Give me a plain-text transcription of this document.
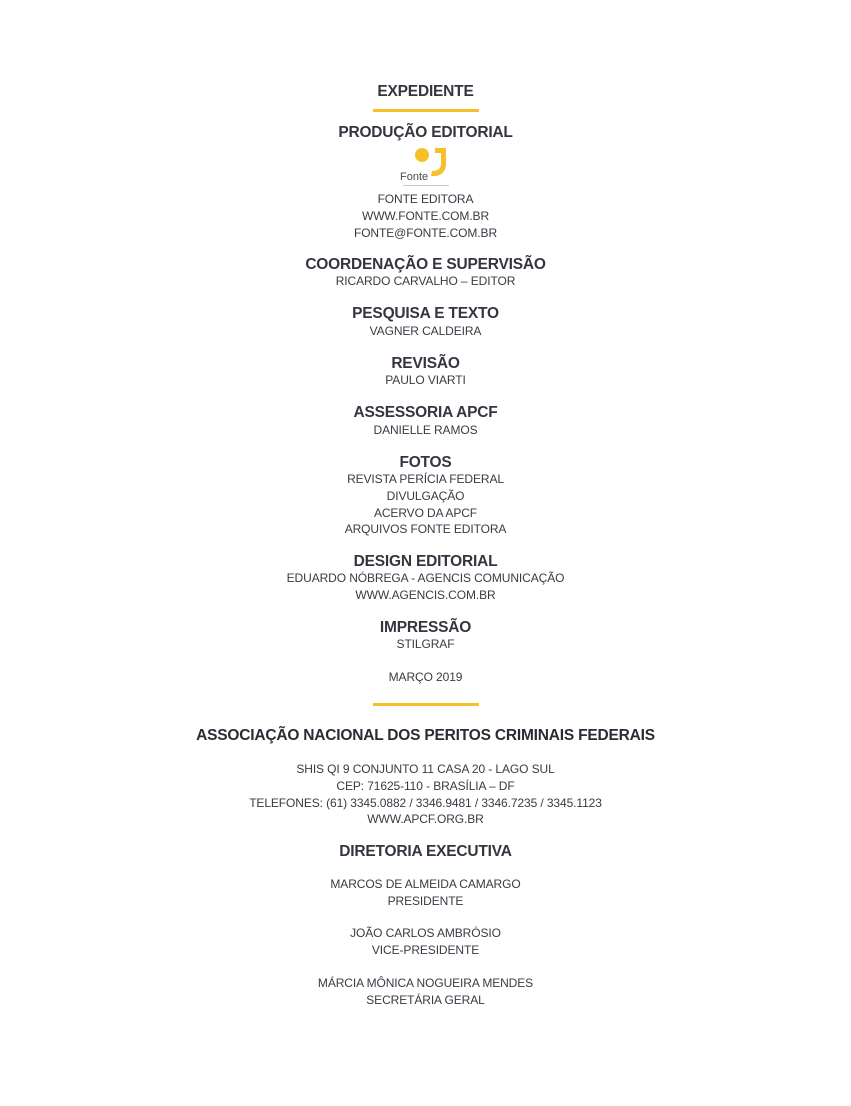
EXPEDIENTE
PRODUÇÃO EDITORIAL
Fonte
FONTE EDITORA
WWW.FONTE.COM.BR
FONTE@FONTE.COM.BR
COORDENAÇÃO E SUPERVISÃO
RICARDO CARVALHO – EDITOR
PESQUISA E TEXTO
VAGNER CALDEIRA
REVISÃO
PAULO VIARTI
ASSESSORIA APCF
DANIELLE RAMOS
FOTOS
REVISTA PERÍCIA FEDERAL
DIVULGAÇÃO
ACERVO DA APCF
ARQUIVOS FONTE EDITORA
DESIGN EDITORIAL
EDUARDO NÓBREGA - AGENCIS COMUNICAÇÃO
WWW.AGENCIS.COM.BR
IMPRESSÃO
STILGRAF
MARÇO 2019
ASSOCIAÇÃO NACIONAL DOS PERITOS CRIMINAIS FEDERAIS
SHIS QI 9 CONJUNTO 11 CASA 20 - LAGO SUL
CEP: 71625-110 - BRASÍLIA – DF
TELEFONES: (61) 3345.0882 / 3346.9481 / 3346.7235 / 3345.1123
WWW.APCF.ORG.BR
DIRETORIA EXECUTIVA
MARCOS DE ALMEIDA CAMARGO
PRESIDENTE
JOÃO CARLOS AMBRÓSIO
VICE-PRESIDENTE
MÁRCIA MÔNICA NOGUEIRA MENDES
SECRETÁRIA GERAL
